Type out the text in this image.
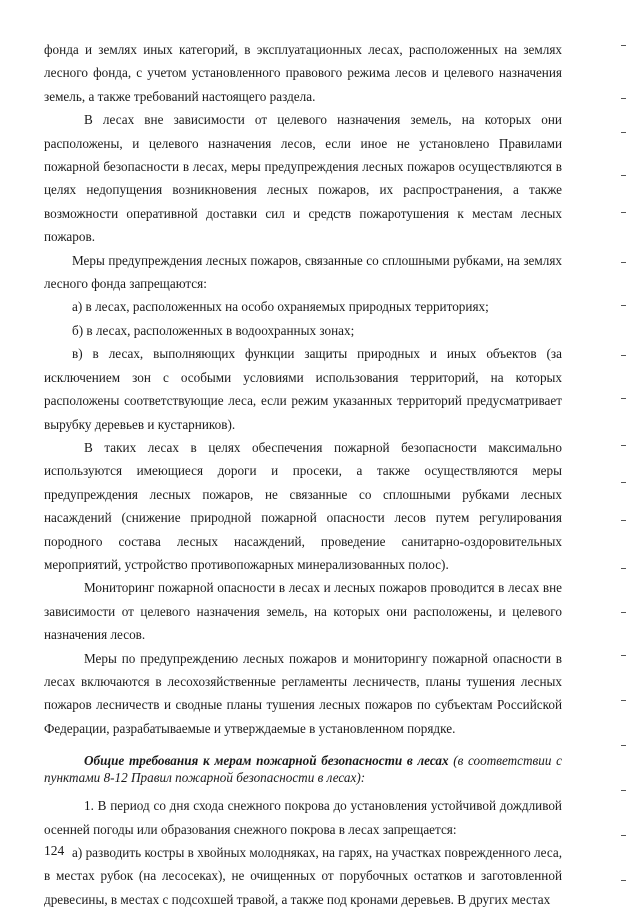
фонда и землях иных категорий, в эксплуатационных лесах, расположенных на землях лесного фонда, с учетом установленного правового режима лесов и целевого назначения земель, а также требований настоящего раздела.

В лесах вне зависимости от целевого назначения земель, на которых они расположены, и целевого назначения лесов, если иное не установлено Правилами пожарной безопасности в лесах, меры предупреждения лесных пожаров осуществляются в целях недопущения возникновения лесных пожаров, их распространения, а также возможности оперативной доставки сил и средств пожаротушения к местам лесных пожаров.

Меры предупреждения лесных пожаров, связанные со сплошными рубками, на землях лесного фонда запрещаются:

а) в лесах, расположенных на особо охраняемых природных территориях;

б) в лесах, расположенных в водоохранных зонах;

в) в лесах, выполняющих функции защиты природных и иных объектов (за исключением зон с особыми условиями использования территорий, на которых расположены соответствующие леса, если режим указанных территорий предусматривает вырубку деревьев и кустарников).

В таких лесах в целях обеспечения пожарной безопасности максимально используются имеющиеся дороги и просеки, а также осуществляются меры предупреждения лесных пожаров, не связанные со сплошными рубками лесных насаждений (снижение природной пожарной опасности лесов путем регулирования породного состава лесных насаждений, проведение санитарно-оздоровительных мероприятий, устройство противопожарных минерализованных полос).

Мониторинг пожарной опасности в лесах и лесных пожаров проводится в лесах вне зависимости от целевого назначения земель, на которых они расположены, и целевого назначения лесов.

Меры по предупреждению лесных пожаров и мониторингу пожарной опасности в лесах включаются в лесохозяйственные регламенты лесничеств, планы тушения лесных пожаров лесничеств и сводные планы тушения лесных пожаров по субъектам Российской Федерации, разрабатываемые и утверждаемые в установленном порядке.

Общие требования к мерам пожарной безопасности в лесах (в соответствии с пунктами 8-12 Правил пожарной безопасности в лесах):

1. В период со дня схода снежного покрова до установления устойчивой дождливой осенней погоды или образования снежного покрова в лесах запрещается:

а) разводить костры в хвойных молодняках, на гарях, на участках поврежденного леса, в местах рубок (на лесосеках), не очищенных от порубочных остатков и заготовленной древесины, в местах с подсохшей травой, а также под кронами деревьев. В других местах

124
